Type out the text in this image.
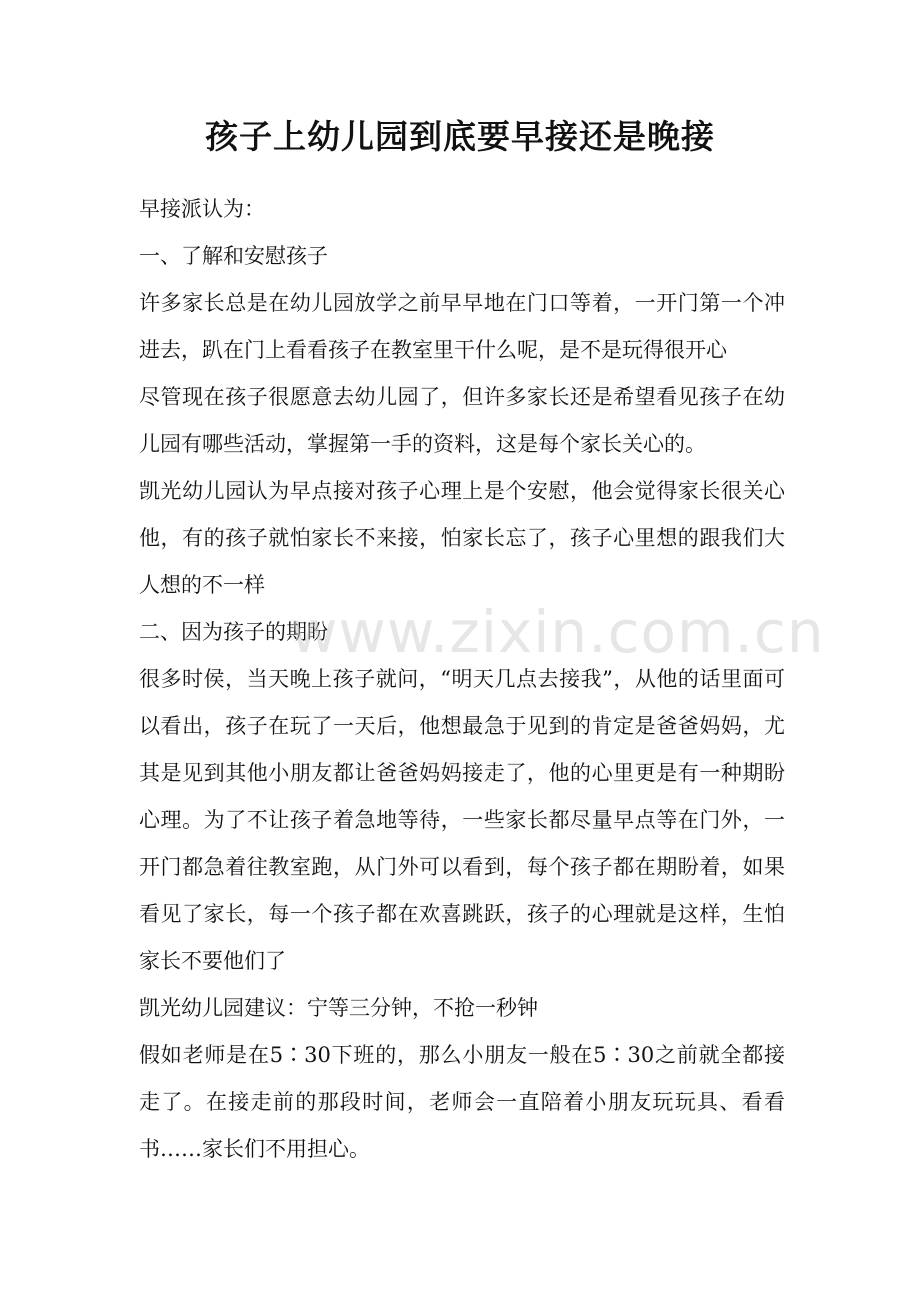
孩子上幼儿园到底要早接还是晚接

早接派认为：

一、了解和安慰孩子

许多家长总是在幼儿园放学之前早早地在门口等着，一开门第一个冲进去，趴在门上看看孩子在教室里干什么呢，是不是玩得很开心

尽管现在孩子很愿意去幼儿园了，但许多家长还是希望看见孩子在幼儿园有哪些活动，掌握第一手的资料，这是每个家长关心的。

凯光幼儿园认为早点接对孩子心理上是个安慰，他会觉得家长很关心他，有的孩子就怕家长不来接，怕家长忘了，孩子心里想的跟我们大人想的不一样

二、因为孩子的期盼

很多时侯，当天晚上孩子就问，“明天几点去接我”，从他的话里面可以看出，孩子在玩了一天后，他想最急于见到的肯定是爸爸妈妈，尤其是见到其他小朋友都让爸爸妈妈接走了，他的心里更是有一种期盼心理。为了不让孩子着急地等待，一些家长都尽量早点等在门外，一开门都急着往教室跑，从门外可以看到，每个孩子都在期盼着，如果看见了家长，每一个孩子都在欢喜跳跃，孩子的心理就是这样，生怕家长不要他们了

凯光幼儿园建议：宁等三分钟，不抢一秒钟

假如老师是在5∶30下班的，那么小朋友一般在5∶30之前就全都接走了。在接走前的那段时间，老师会一直陪着小朋友玩玩具、看看书……家长们不用担心。

www.zixin.com.cn
